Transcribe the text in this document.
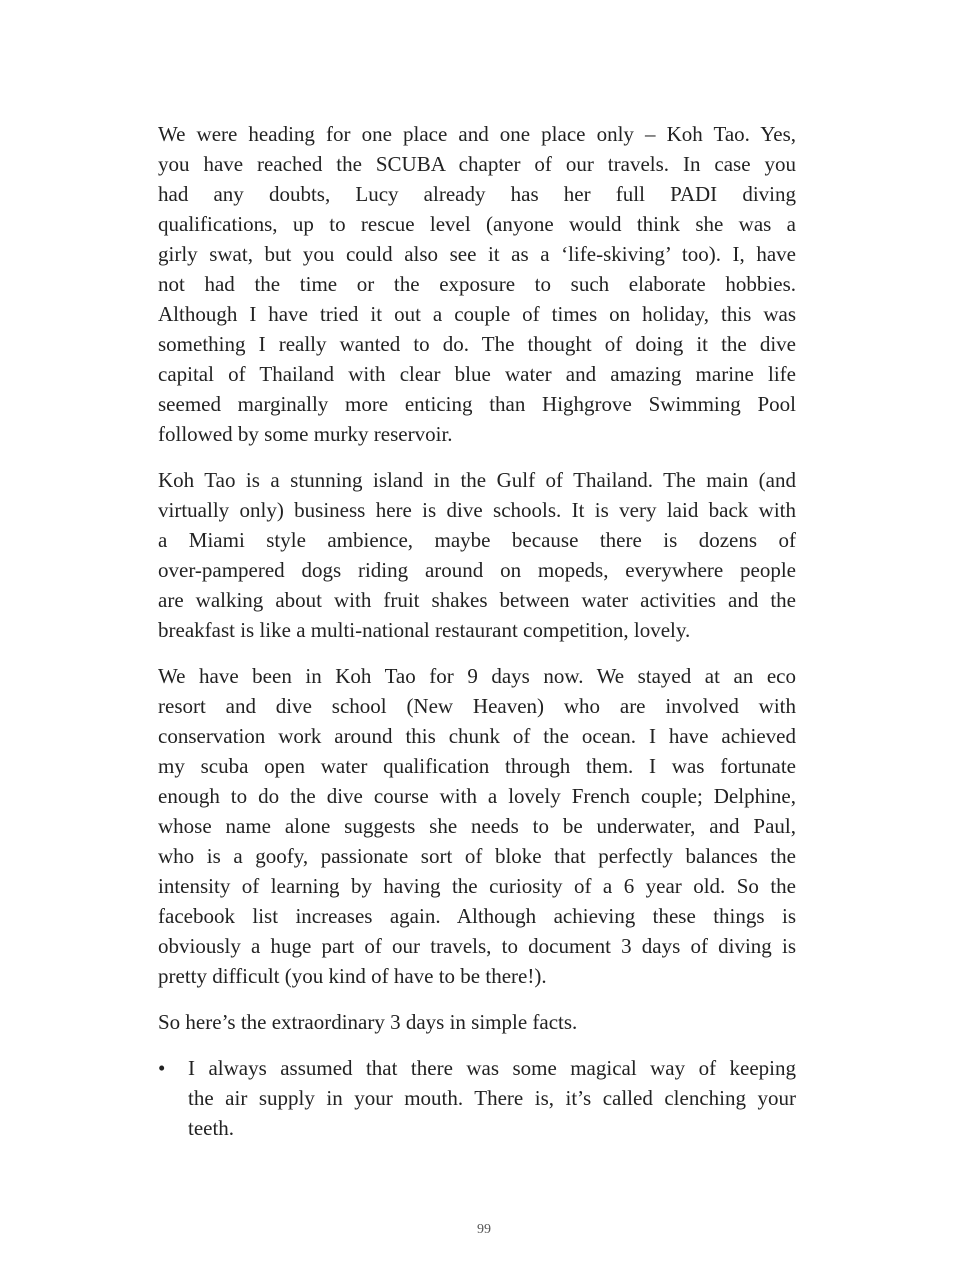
We were heading for one place and one place only – Koh Tao. Yes,
you have reached the SCUBA chapter of our travels. In case you
had any doubts, Lucy already has her full PADI diving
qualifications, up to rescue level (anyone would think she was a
girly swat, but you could also see it as a ‘life-skiving’ too). I, have
not had the time or the exposure to such elaborate hobbies.
Although I have tried it out a couple of times on holiday, this was
something I really wanted to do. The thought of doing it the dive
capital of Thailand with clear blue water and amazing marine life
seemed marginally more enticing than Highgrove Swimming Pool
followed by some murky reservoir.
Koh Tao is a stunning island in the Gulf of Thailand. The main (and
virtually only) business here is dive schools. It is very laid back with
a Miami style ambience, maybe because there is dozens of
over-pampered dogs riding around on mopeds, everywhere people
are walking about with fruit shakes between water activities and the
breakfast is like a multi-national restaurant competition, lovely.
We have been in Koh Tao for 9 days now. We stayed at an eco
resort and dive school (New Heaven) who are involved with
conservation work around this chunk of the ocean. I have achieved
my scuba open water qualification through them. I was fortunate
enough to do the dive course with a lovely French couple; Delphine,
whose name alone suggests she needs to be underwater, and Paul,
who is a goofy, passionate sort of bloke that perfectly balances the
intensity of learning by having the curiosity of a 6 year old. So the
facebook list increases again. Although achieving these things is
obviously a huge part of our travels, to document 3 days of diving is
pretty difficult (you kind of have to be there!).
So here’s the extraordinary 3 days in simple facts.
• I always assumed that there was some magical way of keeping
the air supply in your mouth. There is, it’s called clenching your
teeth.
99
